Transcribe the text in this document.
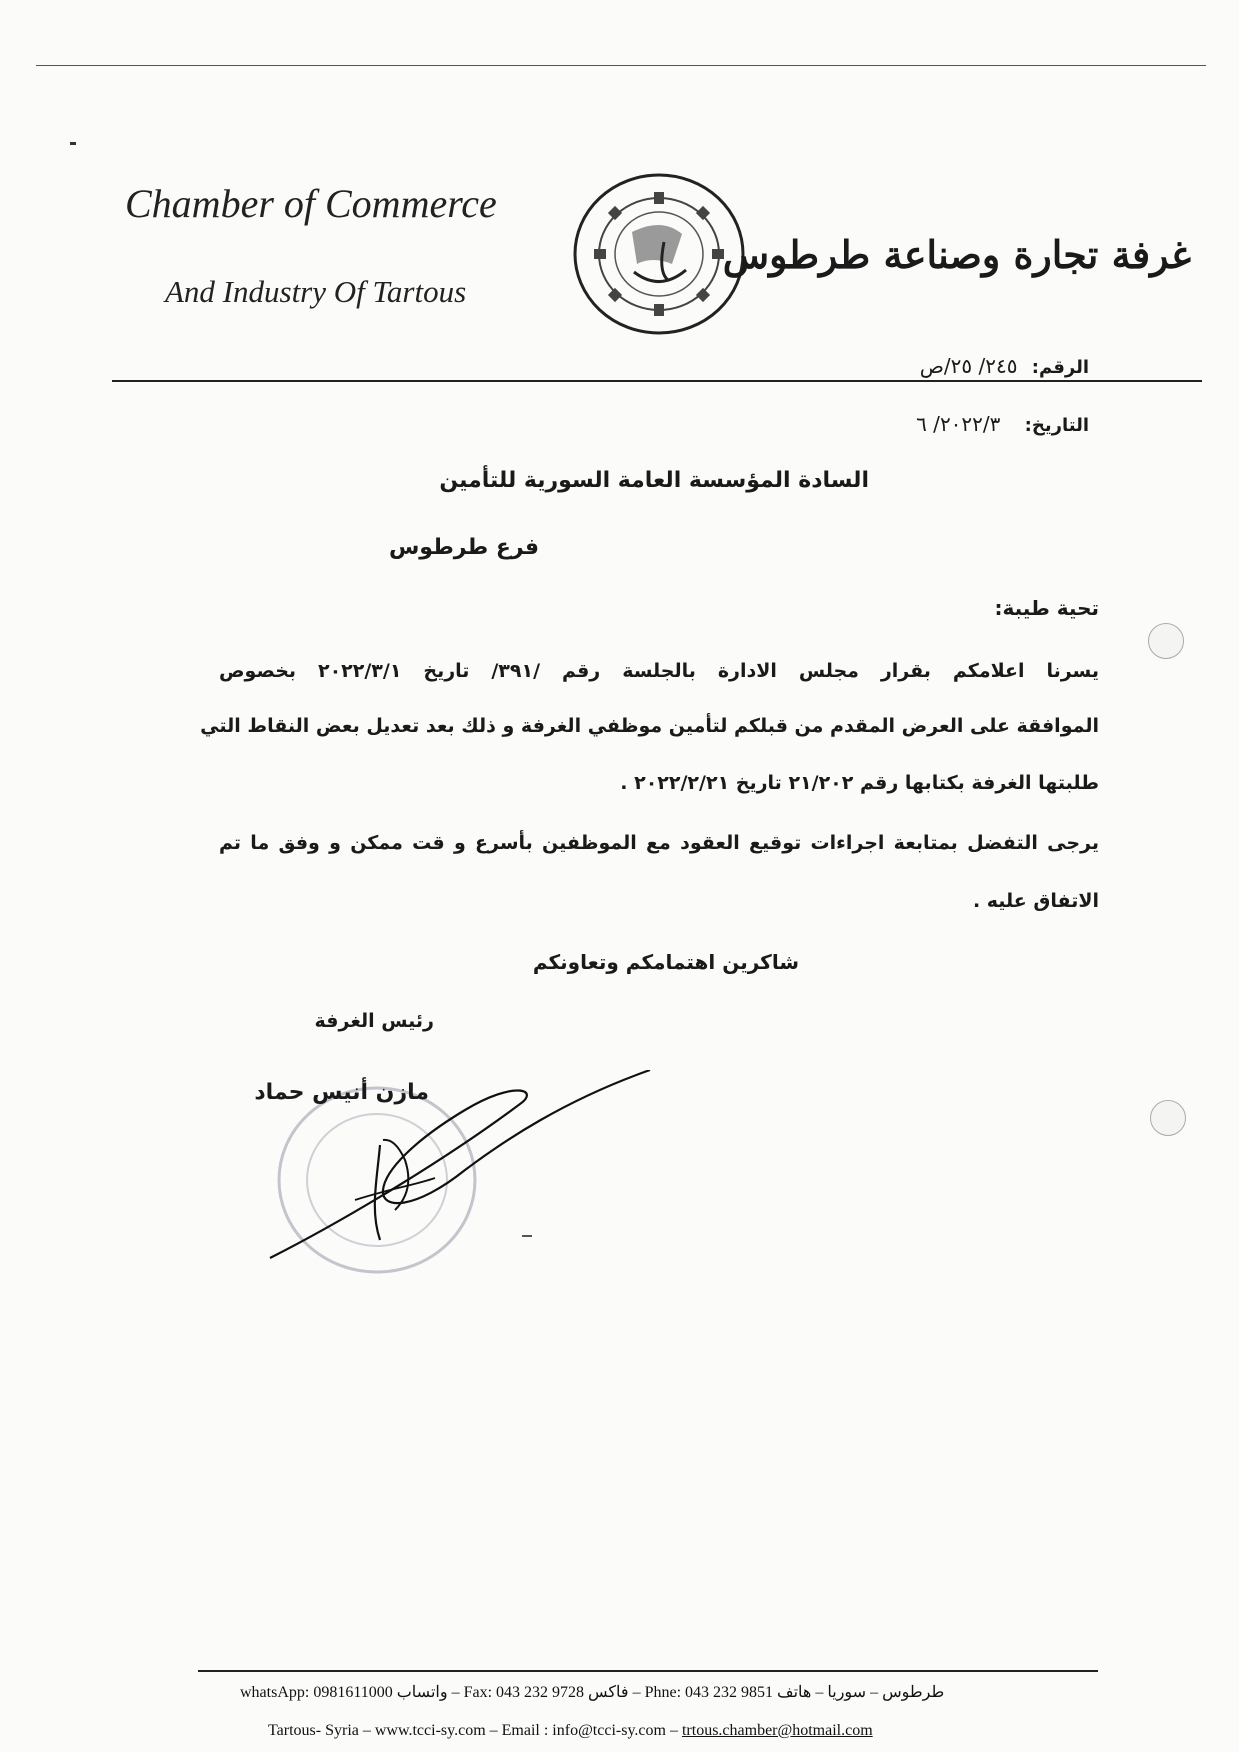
Chamber of Commerce
And Industry Of Tartous
غرفة تجارة وصناعة طرطوس
الرقم: ٢٤٥/ ٢٥/ص
التاريخ: ٢٠٢٢/٣/ ٦
السادة المؤسسة العامة السورية للتأمين
فرع طرطوس
تحية طيبة:
يسرنا اعلامكم بقرار مجلس الادارة بالجلسة رقم /٣٩١/ تاريخ ٢٠٢٢/٣/١ بخصوص
الموافقة على العرض المقدم من قبلكم لتأمين موظفي الغرفة و ذلك بعد تعديل بعض النقاط التي
طلبتها الغرفة بكتابها رقم ٢١/٢٠٢ تاريخ ٢٠٢٢/٢/٢١ .
يرجى التفضل بمتابعة اجراءات توقيع العقود مع الموظفين بأسرع و قت ممكن و وفق ما تم
الاتفاق عليه .
شاكرين اهتمامكم وتعاونكم
رئيس الغرفة
مازن أنيس حماد
طرطوس – سوريا – هاتف Phne: 043 232 9851 – فاكس Fax: 043 232 9728 – واتساب whatsApp: 0981611000
Tartous- Syria – www.tcci-sy.com – Email : info@tcci-sy.com – trtous.chamber@hotmail.com
